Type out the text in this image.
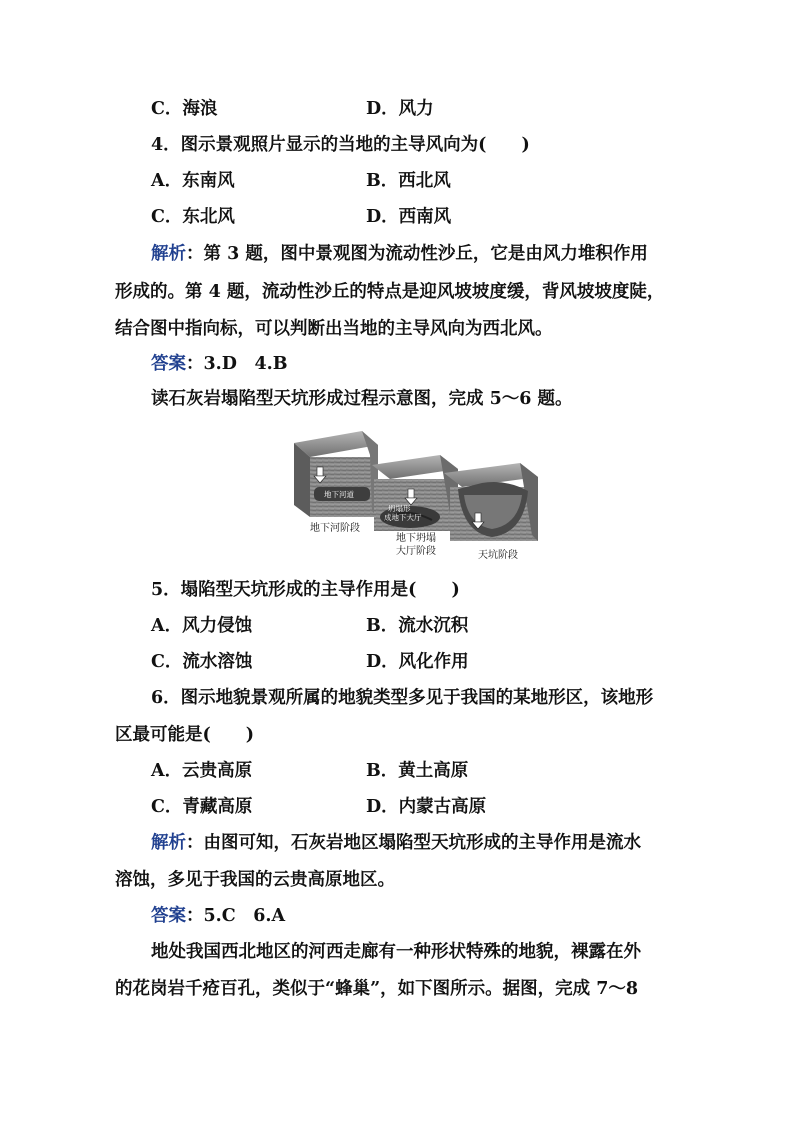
C．海浪	D．风力
4．图示景观照片显示的当地的主导风向为(　　)
A．东南风	B．西北风
C．东北风	D．西南风
解析：第 3 题，图中景观图为流动性沙丘，它是由风力堆积作用
形成的。第 4 题，流动性沙丘的特点是迎风坡坡度缓，背风坡坡度陡，
结合图中指向标，可以判断出当地的主导风向为西北风。
答案：3.D　4.B
读石灰岩塌陷型天坑形成过程示意图，完成 5～6 题。
地下河道
坍塌形
成地下大厅
地下河阶段
地下坍塌
大厅阶段	天坑阶段
5．塌陷型天坑形成的主导作用是(　　)
A．风力侵蚀	B．流水沉积
C．流水溶蚀	D．风化作用
6．图示地貌景观所属的地貌类型多见于我国的某地形区，该地形
区最可能是(　　)
A．云贵高原	B．黄土高原
C．青藏高原	D．内蒙古高原
解析：由图可知，石灰岩地区塌陷型天坑形成的主导作用是流水
溶蚀，多见于我国的云贵高原地区。
答案：5.C　6.A
地处我国西北地区的河西走廊有一种形状特殊的地貌，裸露在外
的花岗岩千疮百孔，类似于“蜂巢”，如下图所示。据图，完成 7～8
